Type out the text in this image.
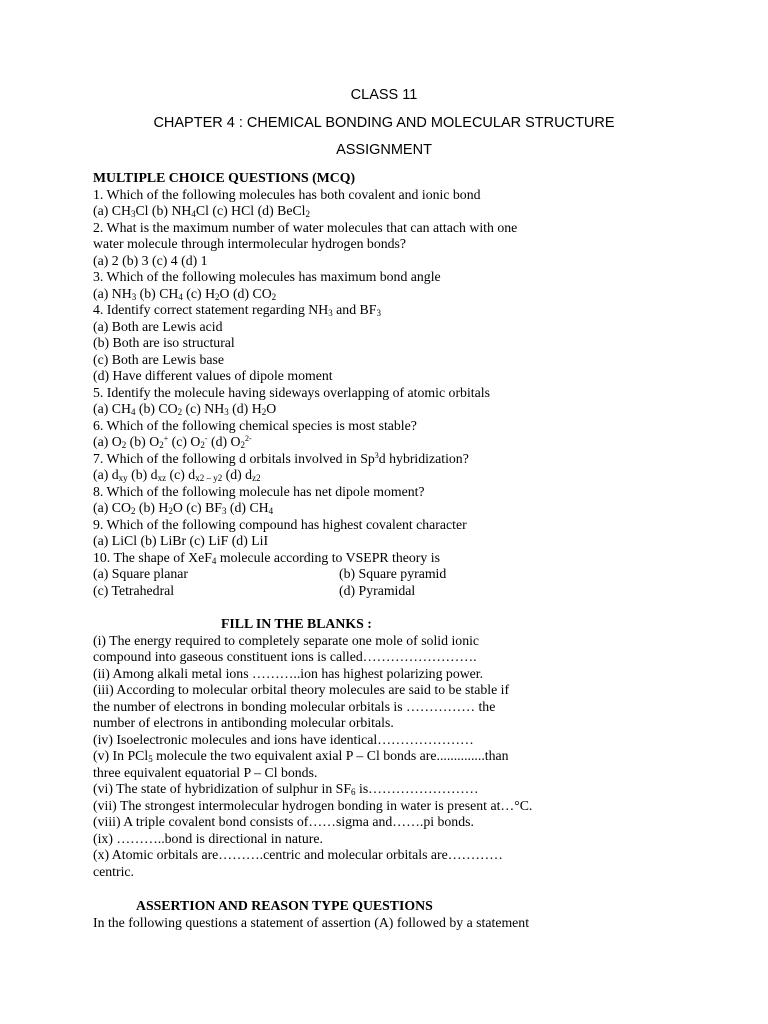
CLASS 11
CHAPTER 4 : CHEMICAL BONDING AND MOLECULAR STRUCTURE
ASSIGNMENT
MULTIPLE CHOICE QUESTIONS (MCQ)
1. Which of the following molecules has both covalent and ionic bond
(a) $CH_3Cl$ (b) $NH_4Cl$ (c) HCl (d) BeCl$_2$
2. What is the maximum number of water molecules that can attach with one
water molecule through intermolecular hydrogen bonds?
(a) 2 (b) 3 (c) 4 (d) 1
3. Which of the following molecules has maximum bond angle
(a) $NH_3$ (b) $CH_4$ (c) $H_2O$ (d) $CO_2$
4. Identify correct statement regarding $NH_3$ and $BF_3$
(a) Both are Lewis acid
(b) Both are iso structural
(c) Both are Lewis base
(d) Have different values of dipole moment
5. Identify the molecule having sideways overlapping of atomic orbitals
(a) $CH_4$ (b) $CO_2$ (c) $NH_3$ (d) $H_2O$
6. Which of the following chemical species is most stable?
(a) $O_2$ (b) $O_2^+$ (c) $O_2^-$ (d) $O_2^{2-}$
7. Which of the following d orbitals involved in Sp$^3$d hybridization?
(a) $d_{xy}$ (b) $d_{xz}$ (c) $d_{x2 - y2}$ (d) $d_{z2}$
8. Which of the following molecule has net dipole moment?
(a) $CO_2$ (b) $H_2O$ (c) $BF_3$ (d) $CH_4$
9. Which of the following compound has highest covalent character
(a) LiCl (b) LiBr (c) LiF (d) LiI
10. The shape of XeF$_4$ molecule according to VSEPR theory is
(a) Square planar	(b) Square pyramid
(c) Tetrahedral	(d) Pyramidal
FILL IN THE BLANKS :
(i) The energy required to completely separate one mole of solid ionic
compound into gaseous constituent ions is called…………………….
(ii) Among alkali metal ions ………..ion has highest polarizing power.
(iii) According to molecular orbital theory molecules are said to be stable if
the number of electrons in bonding molecular orbitals is …………… the
number of electrons in antibonding molecular orbitals.
(iv) Isoelectronic molecules and ions have identical…………………
(v) In PCl$_5$ molecule the two equivalent axial P – Cl bonds are..............than
three equivalent equatorial P – Cl bonds.
(vi) The state of hybridization of sulphur in $SF_6$ is……………………
(vii) The strongest intermolecular hydrogen bonding in water is present at…°C.
(viii) A triple covalent bond consists of……sigma and…….pi bonds.
(ix) ………..bond is directional in nature.
(x) Atomic orbitals are……….centric and molecular orbitals are…………
centric.
ASSERTION AND REASON TYPE QUESTIONS
In the following questions a statement of assertion (A) followed by a statement
